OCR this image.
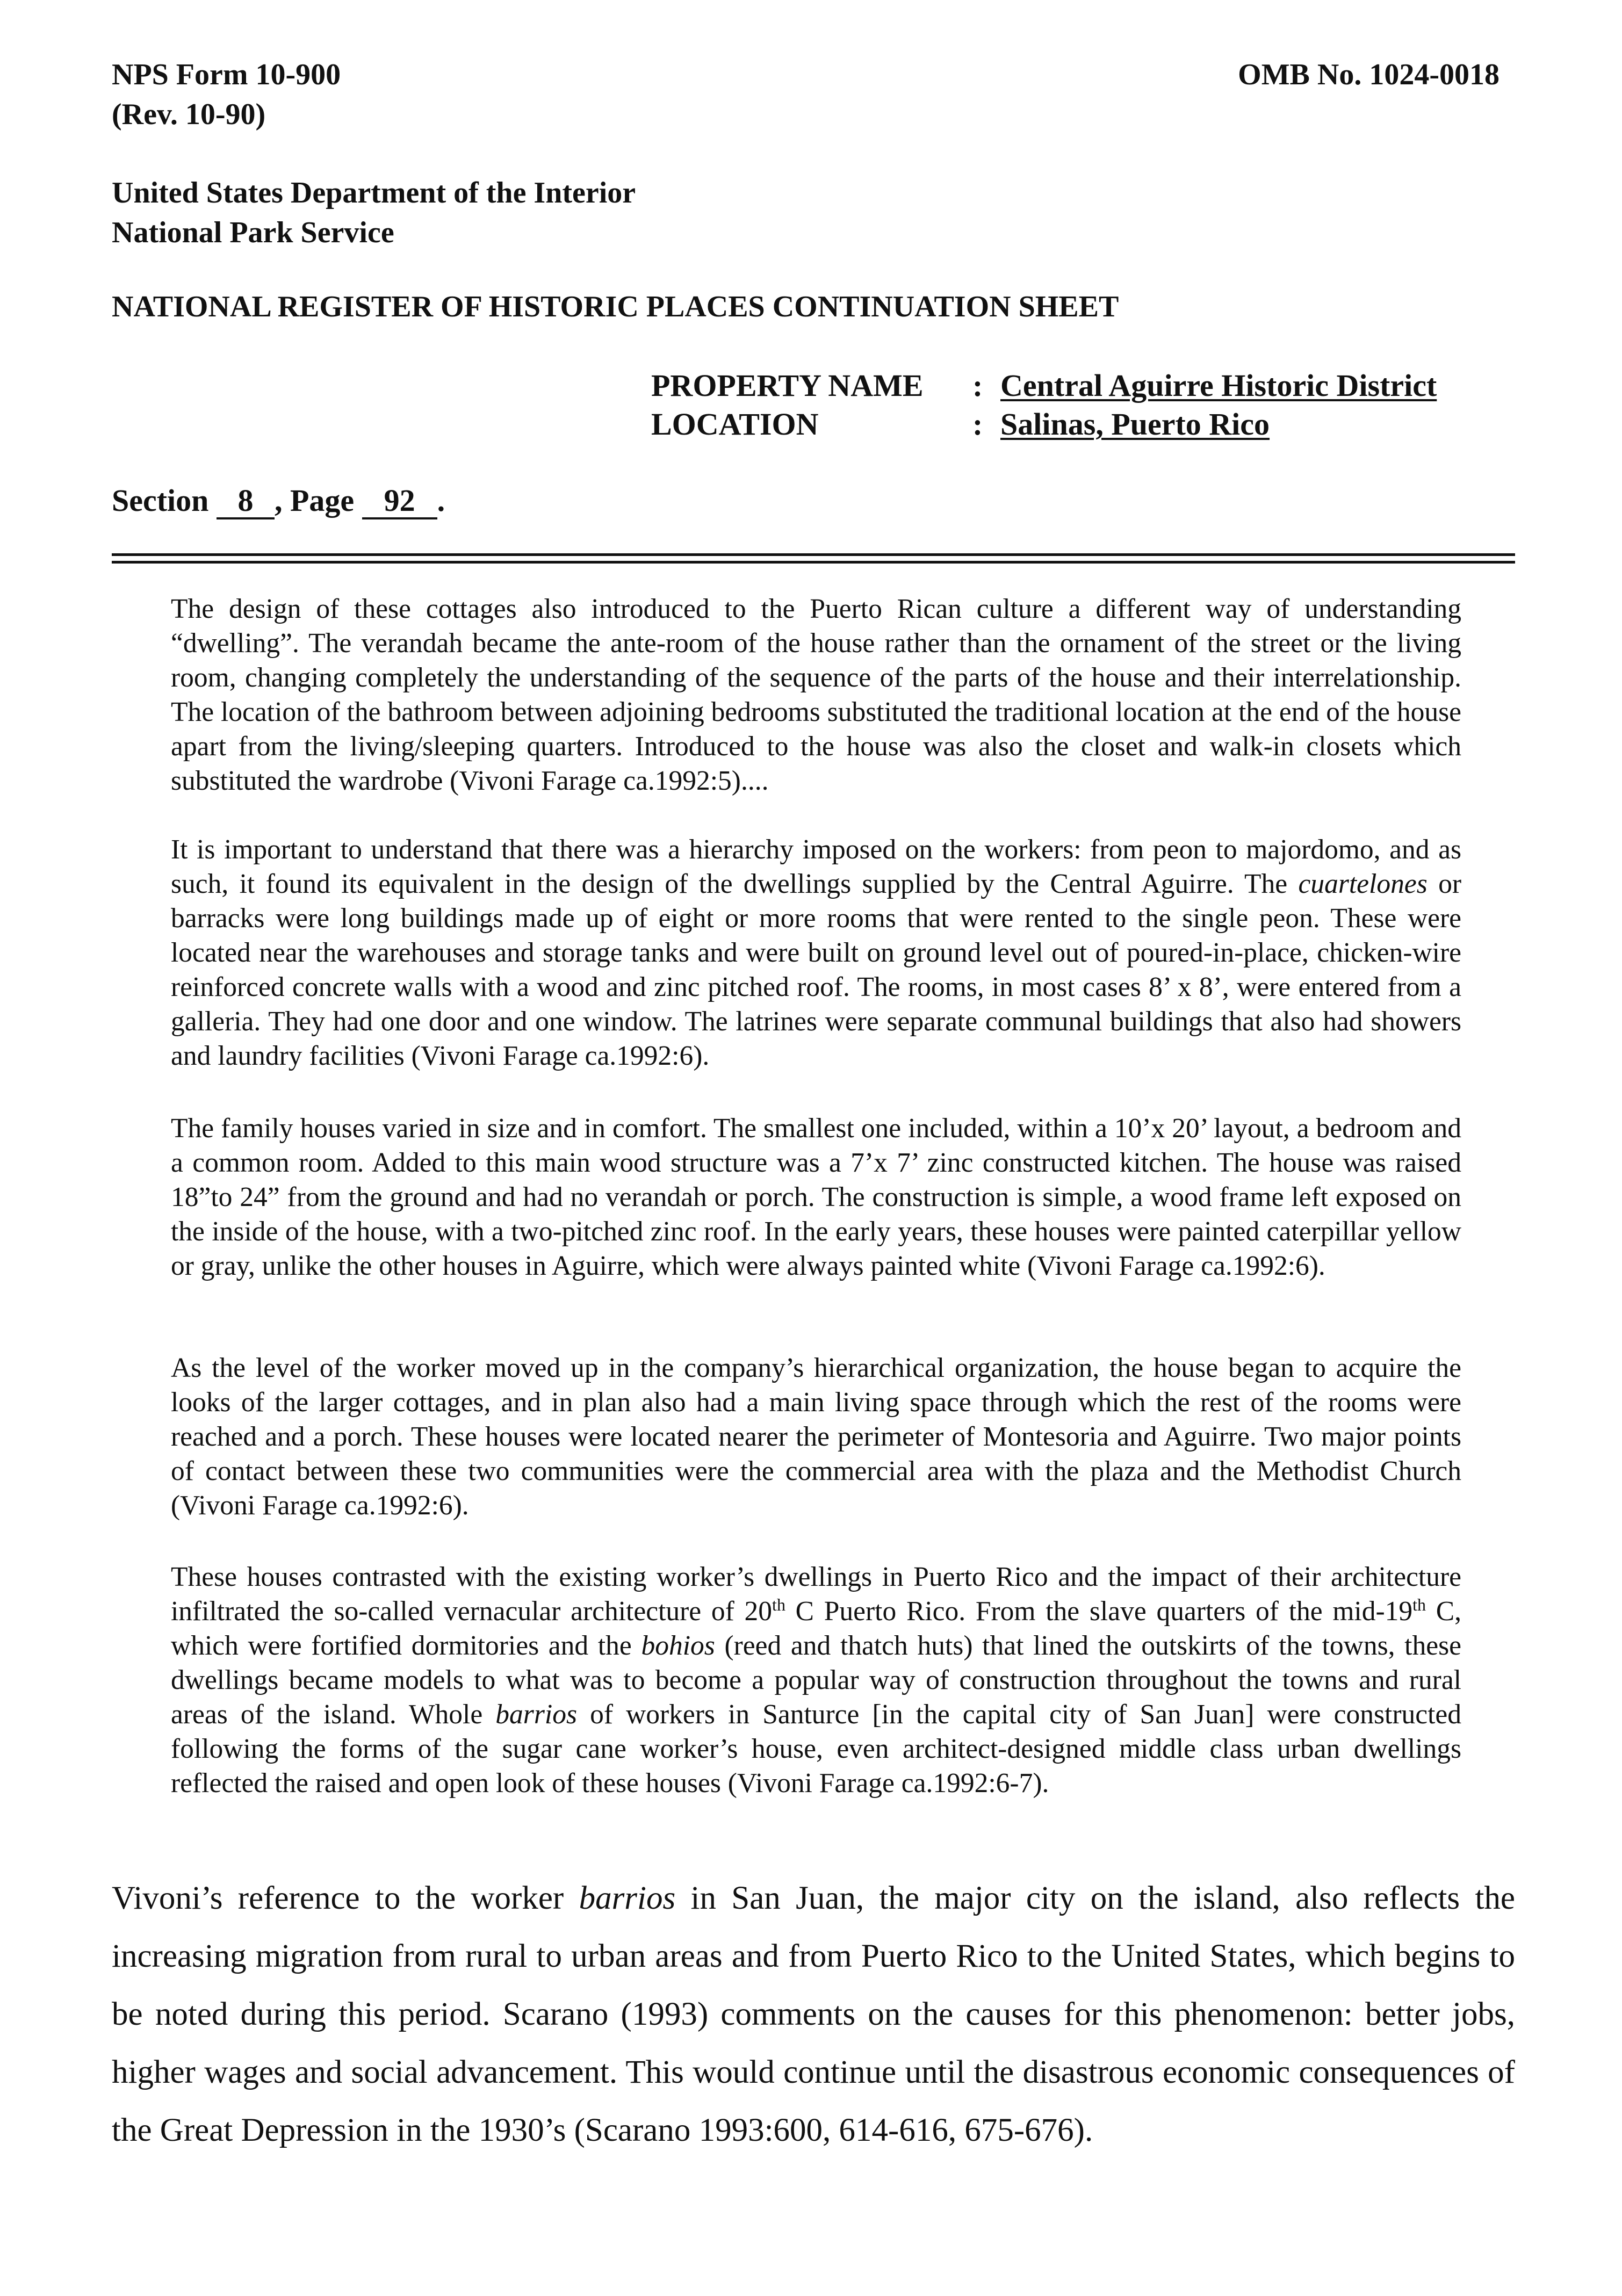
NPS Form 10-900
(Rev. 10-90)
OMB No. 1024-0018
United States Department of the Interior
National Park Service
NATIONAL REGISTER OF HISTORIC PLACES CONTINUATION SHEET
PROPERTY NAME : Central Aguirre Historic District
LOCATION	: Salinas, Puerto Rico
Section 8 , Page 92 .

The design of these cottages also introduced to the Puerto Rican culture a different way of understanding “dwelling”. The verandah became the ante-room of the house rather than the ornament of the street or the living room, changing completely the understanding of the sequence of the parts of the house and their interrelationship. The location of the bathroom between adjoining bedrooms substituted the traditional location at the end of the house apart from the living/sleeping quarters. Introduced to the house was also the closet and walk-in closets which substituted the wardrobe (Vivoni Farage ca.1992:5)....

It is important to understand that there was a hierarchy imposed on the workers: from peon to majordomo, and as such, it found its equivalent in the design of the dwellings supplied by the Central Aguirre. The cuartelones or barracks were long buildings made up of eight or more rooms that were rented to the single peon. These were located near the warehouses and storage tanks and were built on ground level out of poured-in-place, chicken-wire reinforced concrete walls with a wood and zinc pitched roof. The rooms, in most cases 8’ x 8’, were entered from a galleria. They had one door and one window. The latrines were separate communal buildings that also had showers and laundry facilities (Vivoni Farage ca.1992:6).

The family houses varied in size and in comfort. The smallest one included, within a 10’x 20’ layout, a bedroom and a common room. Added to this main wood structure was a 7’x 7’ zinc constructed kitchen. The house was raised 18”to 24” from the ground and had no verandah or porch. The construction is simple, a wood frame left exposed on the inside of the house, with a two-pitched zinc roof. In the early years, these houses were painted caterpillar yellow or gray, unlike the other houses in Aguirre, which were always painted white (Vivoni Farage ca.1992:6).

As the level of the worker moved up in the company’s hierarchical organization, the house began to acquire the looks of the larger cottages, and in plan also had a main living space through which the rest of the rooms were reached and a porch. These houses were located nearer the perimeter of Montesoria and Aguirre. Two major points of contact between these two communities were the commercial area with the plaza and the Methodist Church (Vivoni Farage ca.1992:6).

These houses contrasted with the existing worker’s dwellings in Puerto Rico and the impact of their architecture infiltrated the so-called vernacular architecture of 20th C Puerto Rico. From the slave quarters of the mid-19th C, which were fortified dormitories and the bohios (reed and thatch huts) that lined the outskirts of the towns, these dwellings became models to what was to become a popular way of construction throughout the towns and rural areas of the island. Whole barrios of workers in Santurce [in the capital city of San Juan] were constructed following the forms of the sugar cane worker’s house, even architect-designed middle class urban dwellings reflected the raised and open look of these houses (Vivoni Farage ca.1992:6-7).

Vivoni’s reference to the worker barrios in San Juan, the major city on the island, also reflects the increasing migration from rural to urban areas and from Puerto Rico to the United States, which begins to be noted during this period. Scarano (1993) comments on the causes for this phenomenon: better jobs, higher wages and social advancement. This would continue until the disastrous economic consequences of the Great Depression in the 1930’s (Scarano 1993:600, 614-616, 675-676).
